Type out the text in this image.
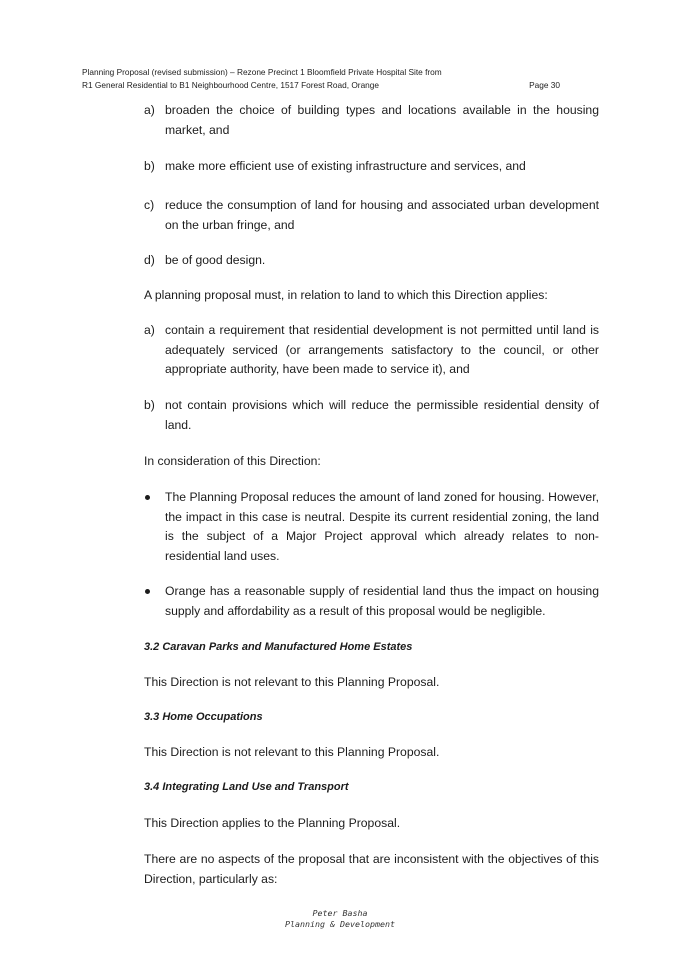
Planning Proposal (revised submission) – Rezone Precinct 1 Bloomfield Private Hospital Site from
R1 General Residential to B1 Neighbourhood Centre, 1517 Forest Road, Orange	Page 30
a) broaden the choice of building types and locations available in the housing market, and
b) make more efficient use of existing infrastructure and services, and
c) reduce the consumption of land for housing and associated urban development on the urban fringe, and
d) be of good design.
A planning proposal must, in relation to land to which this Direction applies:
a) contain a requirement that residential development is not permitted until land is adequately serviced (or arrangements satisfactory to the council, or other appropriate authority, have been made to service it), and
b) not contain provisions which will reduce the permissible residential density of land.
In consideration of this Direction:
The Planning Proposal reduces the amount of land zoned for housing. However, the impact in this case is neutral. Despite its current residential zoning, the land is the subject of a Major Project approval which already relates to non-residential land uses.
Orange has a reasonable supply of residential land thus the impact on housing supply and affordability as a result of this proposal would be negligible.
3.2 Caravan Parks and Manufactured Home Estates
This Direction is not relevant to this Planning Proposal.
3.3 Home Occupations
This Direction is not relevant to this Planning Proposal.
3.4 Integrating Land Use and Transport
This Direction applies to the Planning Proposal.
There are no aspects of the proposal that are inconsistent with the objectives of this Direction, particularly as:
Peter Basha
Planning & Development
